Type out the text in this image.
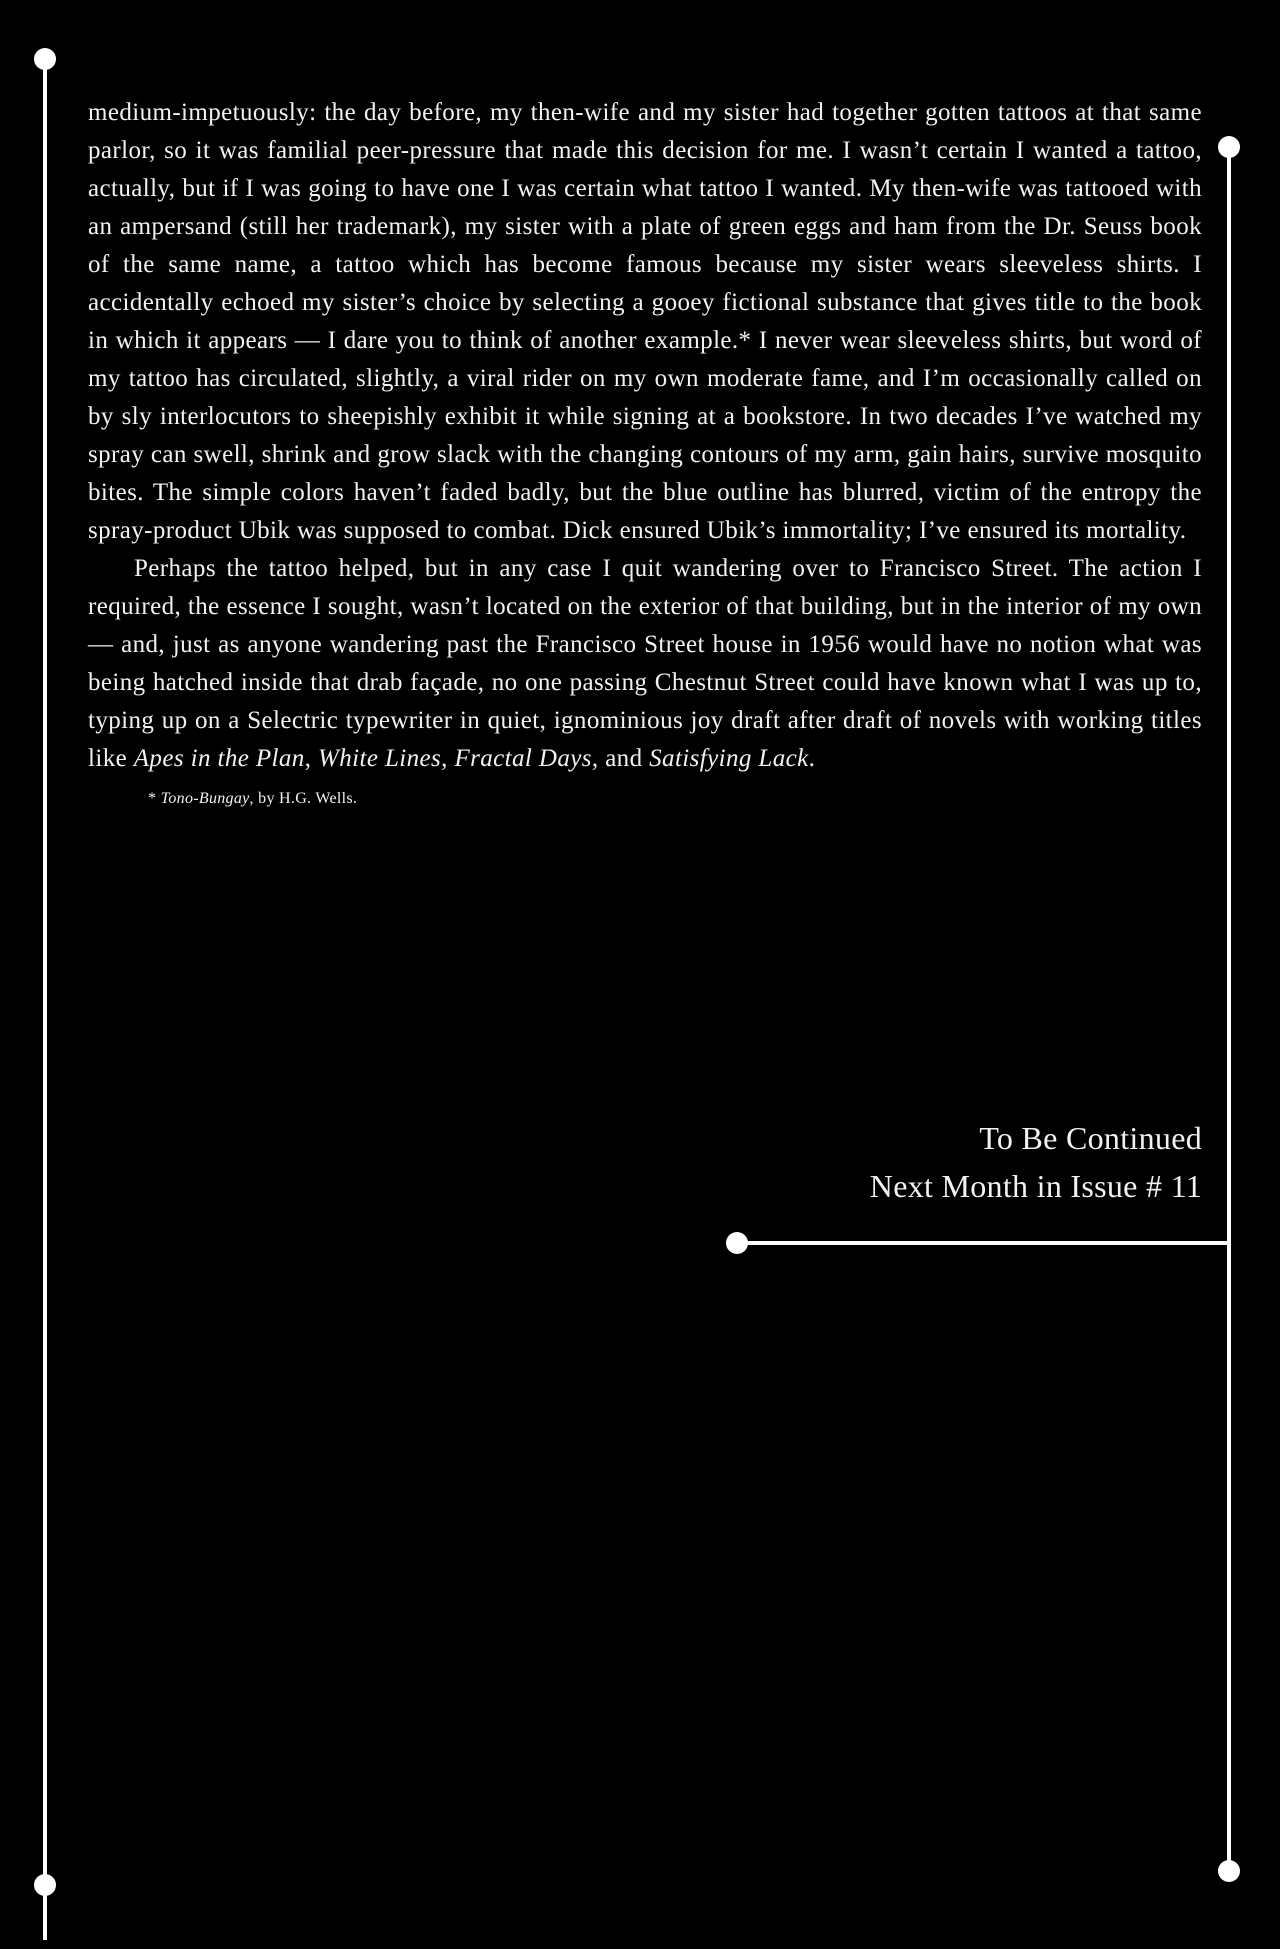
medium-impetuously: the day before, my then-wife and my sister had together gotten tattoos at that same parlor, so it was familial peer-pressure that made this decision for me. I wasn’t certain I wanted a tattoo, actually, but if I was going to have one I was certain what tattoo I wanted. My then-wife was tattooed with an ampersand (still her trademark), my sister with a plate of green eggs and ham from the Dr. Seuss book of the same name, a tattoo which has become famous because my sister wears sleeveless shirts. I accidentally echoed my sister’s choice by selecting a gooey fictional substance that gives title to the book in which it appears — I dare you to think of another example.* I never wear sleeveless shirts, but word of my tattoo has circulated, slightly, a viral rider on my own moderate fame, and I’m occasionally called on by sly interlocutors to sheepishly exhibit it while signing at a bookstore. In two decades I’ve watched my spray can swell, shrink and grow slack with the changing contours of my arm, gain hairs, survive mosquito bites. The simple colors haven’t faded badly, but the blue outline has blurred, victim of the entropy the spray-product Ubik was supposed to combat. Dick ensured Ubik’s immortality; I’ve ensured its mortality.

Perhaps the tattoo helped, but in any case I quit wandering over to Francisco Street. The action I required, the essence I sought, wasn’t located on the exterior of that building, but in the interior of my own — and, just as anyone wandering past the Francisco Street house in 1956 would have no notion what was being hatched inside that drab façade, no one passing Chestnut Street could have known what I was up to, typing up on a Selectric typewriter in quiet, ignominious joy draft after draft of novels with working titles like Apes in the Plan, White Lines, Fractal Days, and Satisfying Lack.

* Tono-Bungay, by H.G. Wells.

To Be Continued
Next Month in Issue # 11
